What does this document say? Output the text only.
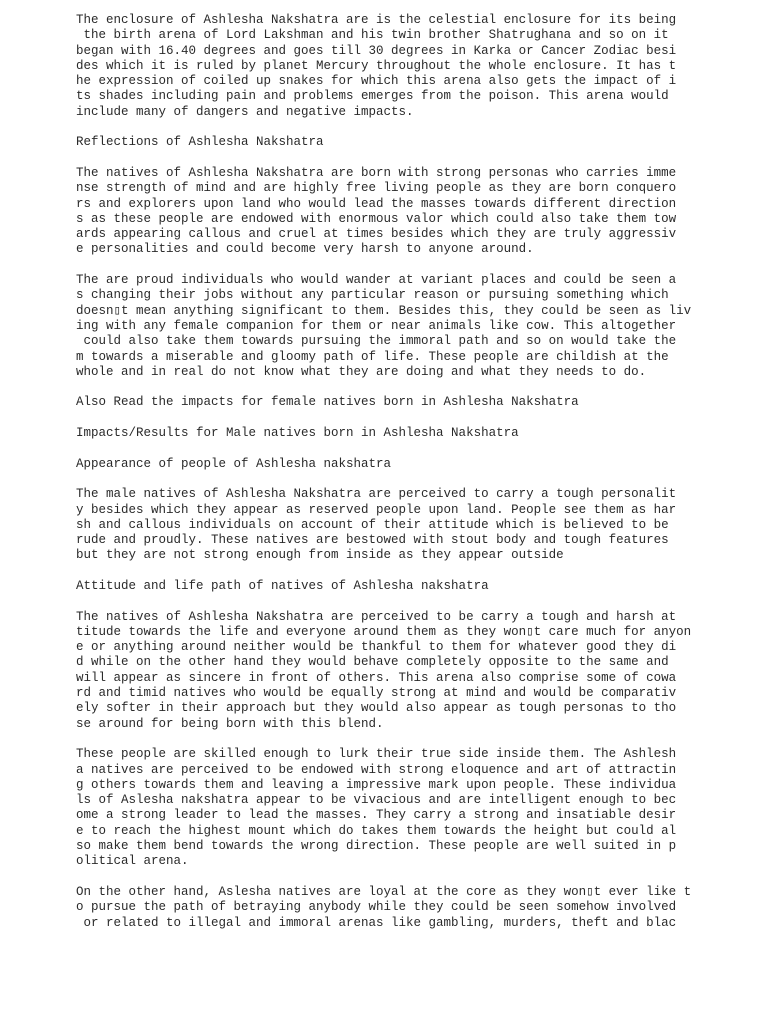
The enclosure of Ashlesha Nakshatra are is the celestial enclosure for its being
the birth arena of Lord Lakshman and his twin brother Shatrughana and so on it
began with 16.40 degrees and goes till 30 degrees in Karka or Cancer Zodiac besi
des which it is ruled by planet Mercury throughout the whole enclosure. It has t
he expression of coiled up snakes for which this arena also gets the impact of i
ts shades including pain and problems emerges from the poison. This arena would
include many of dangers and negative impacts.
Reflections of Ashlesha Nakshatra
The natives of Ashlesha Nakshatra are born with strong personas who carries imme
nse strength of mind and are highly free living people as they are born conquero
rs and explorers upon land who would lead the masses towards different direction
s as these people are endowed with enormous valor which could also take them tow
ards appearing callous and cruel at times besides which they are truly aggressiv
e personalities and could become very harsh to anyone around.
The are proud individuals who would wander at variant places and could be seen a
s changing their jobs without any particular reason or pursuing something which
doesn▯t mean anything significant to them. Besides this, they could be seen as liv
ing with any female companion for them or near animals like cow. This altogether
could also take them towards pursuing the immoral path and so on would take the
m towards a miserable and gloomy path of life. These people are childish at the
whole and in real do not know what they are doing and what they needs to do.
Also Read the impacts for female natives born in Ashlesha Nakshatra
Impacts/Results for Male natives born in Ashlesha Nakshatra
Appearance of people of Ashlesha nakshatra
The male natives of Ashlesha Nakshatra are perceived to carry a tough personalit
y besides which they appear as reserved people upon land. People see them as har
sh and callous individuals on account of their attitude which is believed to be
rude and proudly. These natives are bestowed with stout body and tough features
but they are not strong enough from inside as they appear outside
Attitude and life path of natives of Ashlesha nakshatra
The natives of Ashlesha Nakshatra are perceived to be carry a tough and harsh at
titude towards the life and everyone around them as they won▯t care much for anyon
e or anything around neither would be thankful to them for whatever good they di
d while on the other hand they would behave completely opposite to the same and
will appear as sincere in front of others. This arena also comprise some of cowa
rd and timid natives who would be equally strong at mind and would be comparativ
ely softer in their approach but they would also appear as tough personas to tho
se around for being born with this blend.
These people are skilled enough to lurk their true side inside them. The Ashlesh
a natives are perceived to be endowed with strong eloquence and art of attractin
g others towards them and leaving a impressive mark upon people. These individua
ls of Aslesha nakshatra appear to be vivacious and are intelligent enough to bec
ome a strong leader to lead the masses. They carry a strong and insatiable desir
e to reach the highest mount which do takes them towards the height but could al
so make them bend towards the wrong direction. These people are well suited in p
olitical arena.
On the other hand, Aslesha natives are loyal at the core as they won▯t ever like t
o pursue the path of betraying anybody while they could be seen somehow involved
or related to illegal and immoral arenas like gambling, murders, theft and blac
